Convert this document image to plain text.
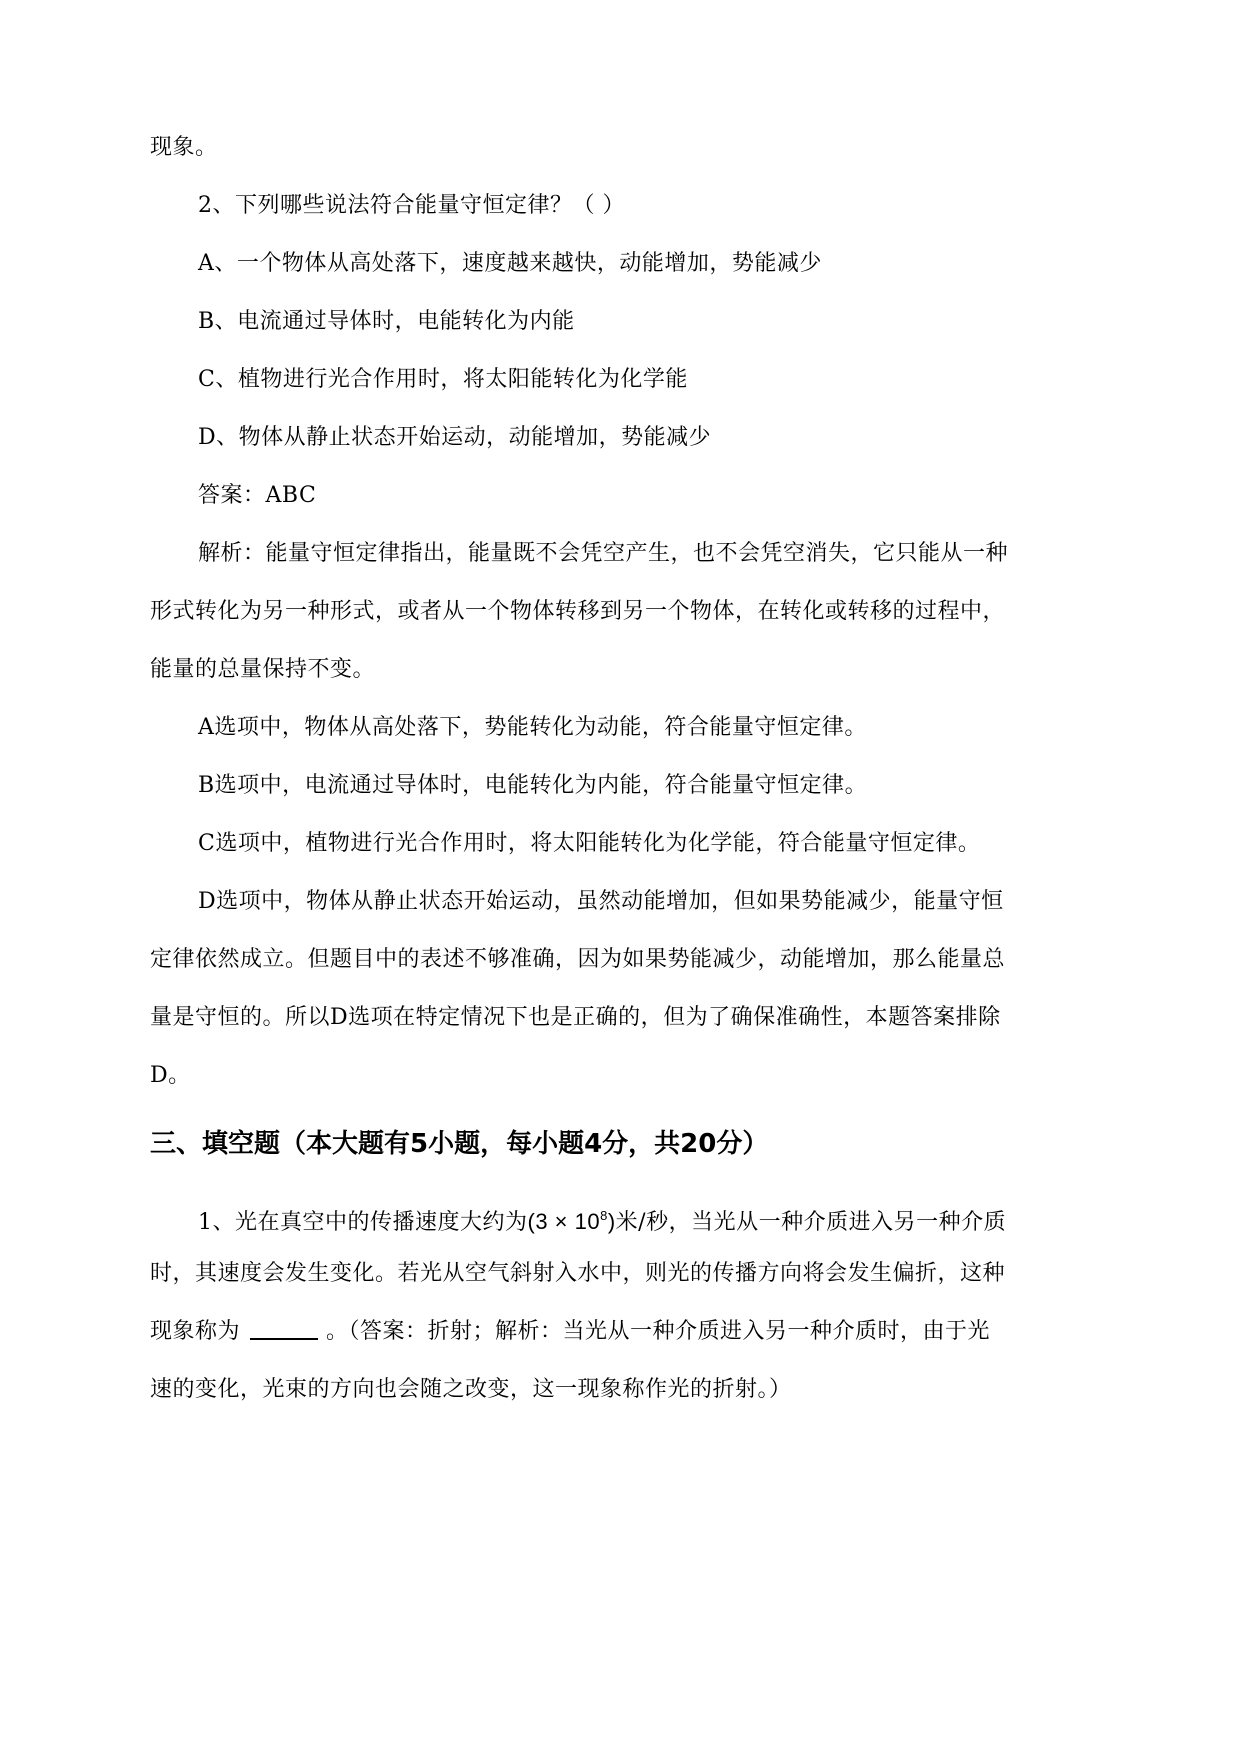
现象。
2、下列哪些说法符合能量守恒定律？（ ）
A、一个物体从高处落下，速度越来越快，动能增加，势能减少
B、电流通过导体时，电能转化为内能
C、植物进行光合作用时，将太阳能转化为化学能
D、物体从静止状态开始运动，动能增加，势能减少
答案：ABC
解析：能量守恒定律指出，能量既不会凭空产生，也不会凭空消失，它只能从一种
形式转化为另一种形式，或者从一个物体转移到另一个物体，在转化或转移的过程中，
能量的总量保持不变。
A选项中，物体从高处落下，势能转化为动能，符合能量守恒定律。
B选项中，电流通过导体时，电能转化为内能，符合能量守恒定律。
C选项中，植物进行光合作用时，将太阳能转化为化学能，符合能量守恒定律。
D选项中，物体从静止状态开始运动，虽然动能增加，但如果势能减少，能量守恒
定律依然成立。但题目中的表述不够准确，因为如果势能减少，动能增加，那么能量总
量是守恒的。所以D选项在特定情况下也是正确的，但为了确保准确性，本题答案排除
D。
三、填空题（本大题有5小题，每小题4分，共20分）
1、光在真空中的传播速度大约为$(3 \times 10^8)$米/秒，当光从一种介质进入另一种介质
时，其速度会发生变化。若光从空气斜射入水中，则光的传播方向将会发生偏折，这种
现象称为	。（答案：折射；解析：当光从一种介质进入另一种介质时，由于光
速的变化，光束的方向也会随之改变，这一现象称作光的折射。）
